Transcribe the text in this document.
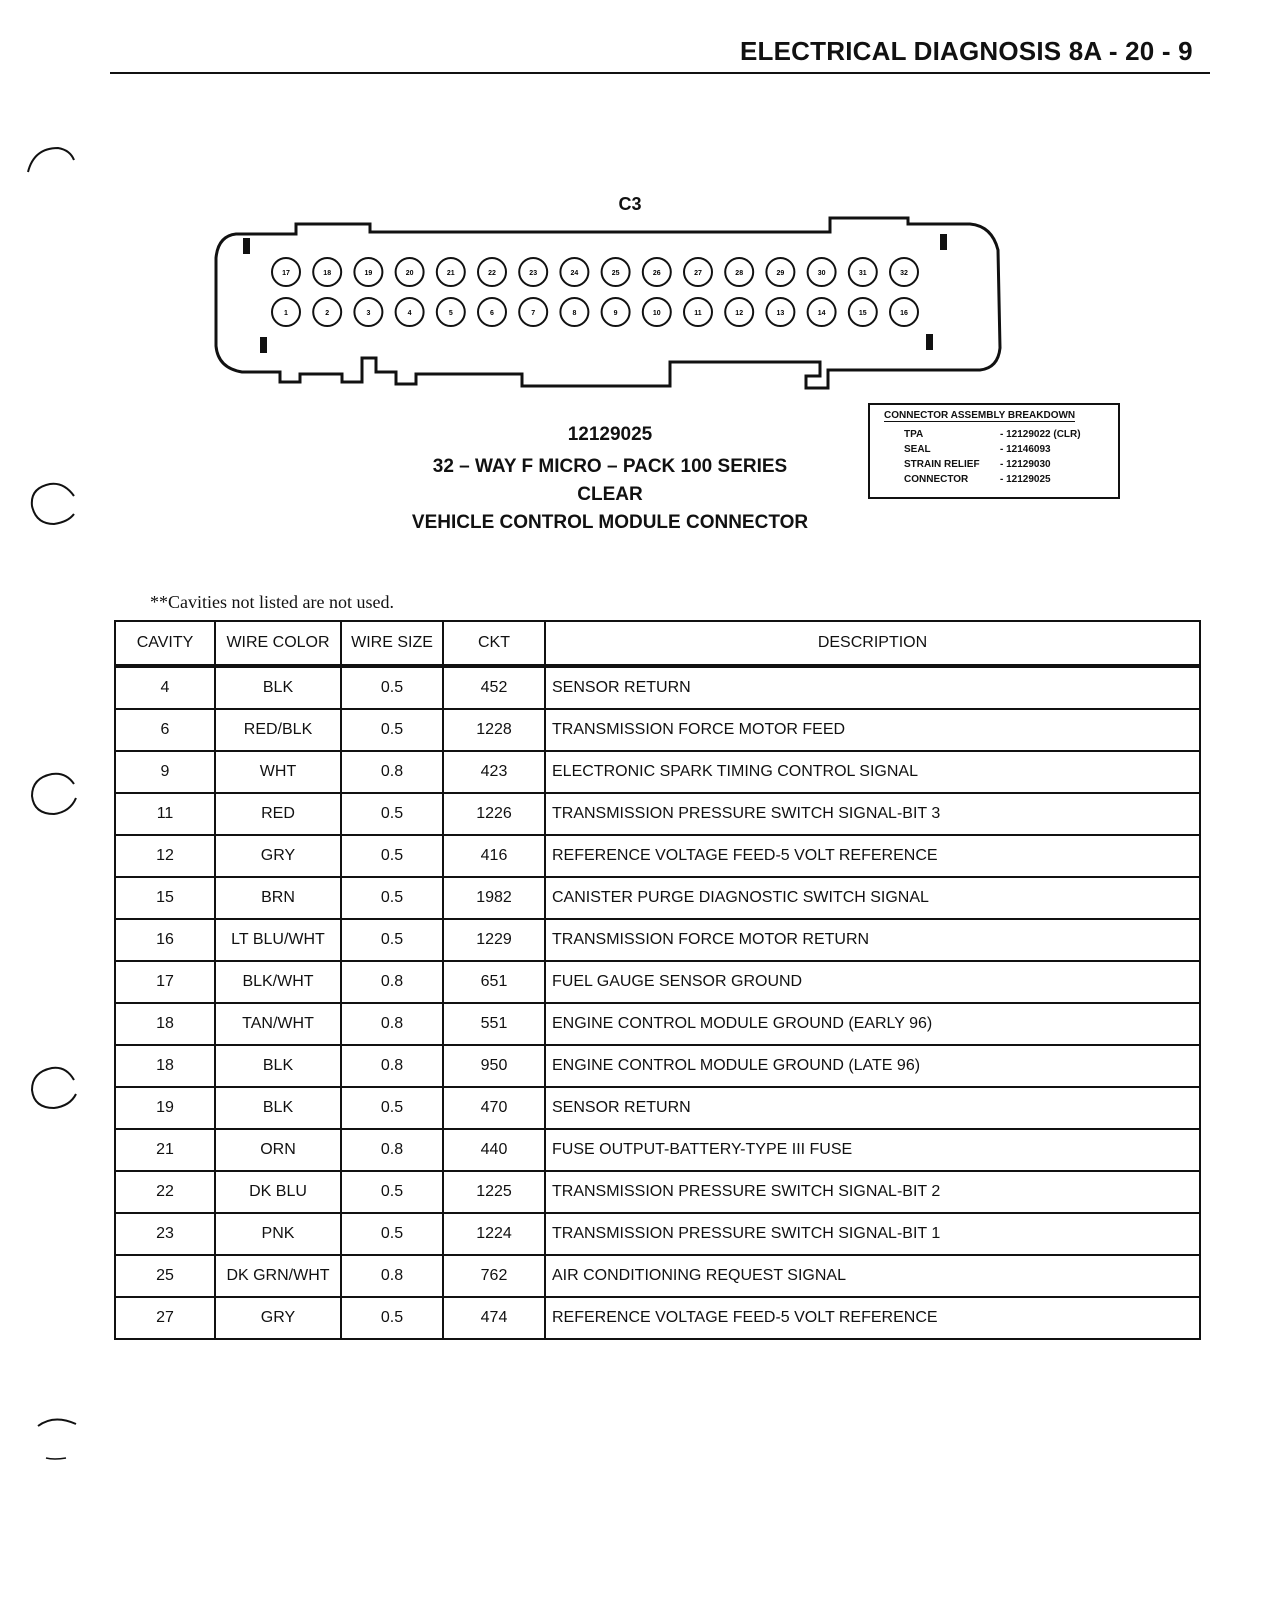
ELECTRICAL DIAGNOSIS 8A - 20 - 9
C3
17	18	19	20	21	22	23	24	25	26	27	28	29	30	31	32
1	2	3	4	5	6	7	8	9	10	11	12	13	14	15	16
12129025
32 – WAY F MICRO – PACK 100 SERIES
CLEAR
VEHICLE CONTROL MODULE CONNECTOR
CONNECTOR ASSEMBLY BREAKDOWN
TPA	- 12129022 (CLR)
SEAL	- 12146093
STRAIN RELIEF - 12129030
CONNECTOR	- 12129025
**Cavities not listed are not used.
CAVITY	WIRE COLOR	WIRE SIZE	CKT	DESCRIPTION
4	BLK	0.5	452	SENSOR RETURN
6	RED/BLK	0.5	1228	TRANSMISSION FORCE MOTOR FEED
9	WHT	0.8	423	ELECTRONIC SPARK TIMING CONTROL SIGNAL
11	RED	0.5	1226	TRANSMISSION PRESSURE SWITCH SIGNAL-BIT 3
12	GRY	0.5	416	REFERENCE VOLTAGE FEED-5 VOLT REFERENCE
15	BRN	0.5	1982	CANISTER PURGE DIAGNOSTIC SWITCH SIGNAL
16	LT BLU/WHT	0.5	1229	TRANSMISSION FORCE MOTOR RETURN
17	BLK/WHT	0.8	651	FUEL GAUGE SENSOR GROUND
18	TAN/WHT	0.8	551	ENGINE CONTROL MODULE GROUND (EARLY 96)
18	BLK	0.8	950	ENGINE CONTROL MODULE GROUND (LATE 96)
19	BLK	0.5	470	SENSOR RETURN
21	ORN	0.8	440	FUSE OUTPUT-BATTERY-TYPE III FUSE
22	DK BLU	0.5	1225	TRANSMISSION PRESSURE SWITCH SIGNAL-BIT 2
23	PNK	0.5	1224	TRANSMISSION PRESSURE SWITCH SIGNAL-BIT 1
25	DK GRN/WHT	0.8	762	AIR CONDITIONING REQUEST SIGNAL
27	GRY	0.5	474	REFERENCE VOLTAGE FEED-5 VOLT REFERENCE
